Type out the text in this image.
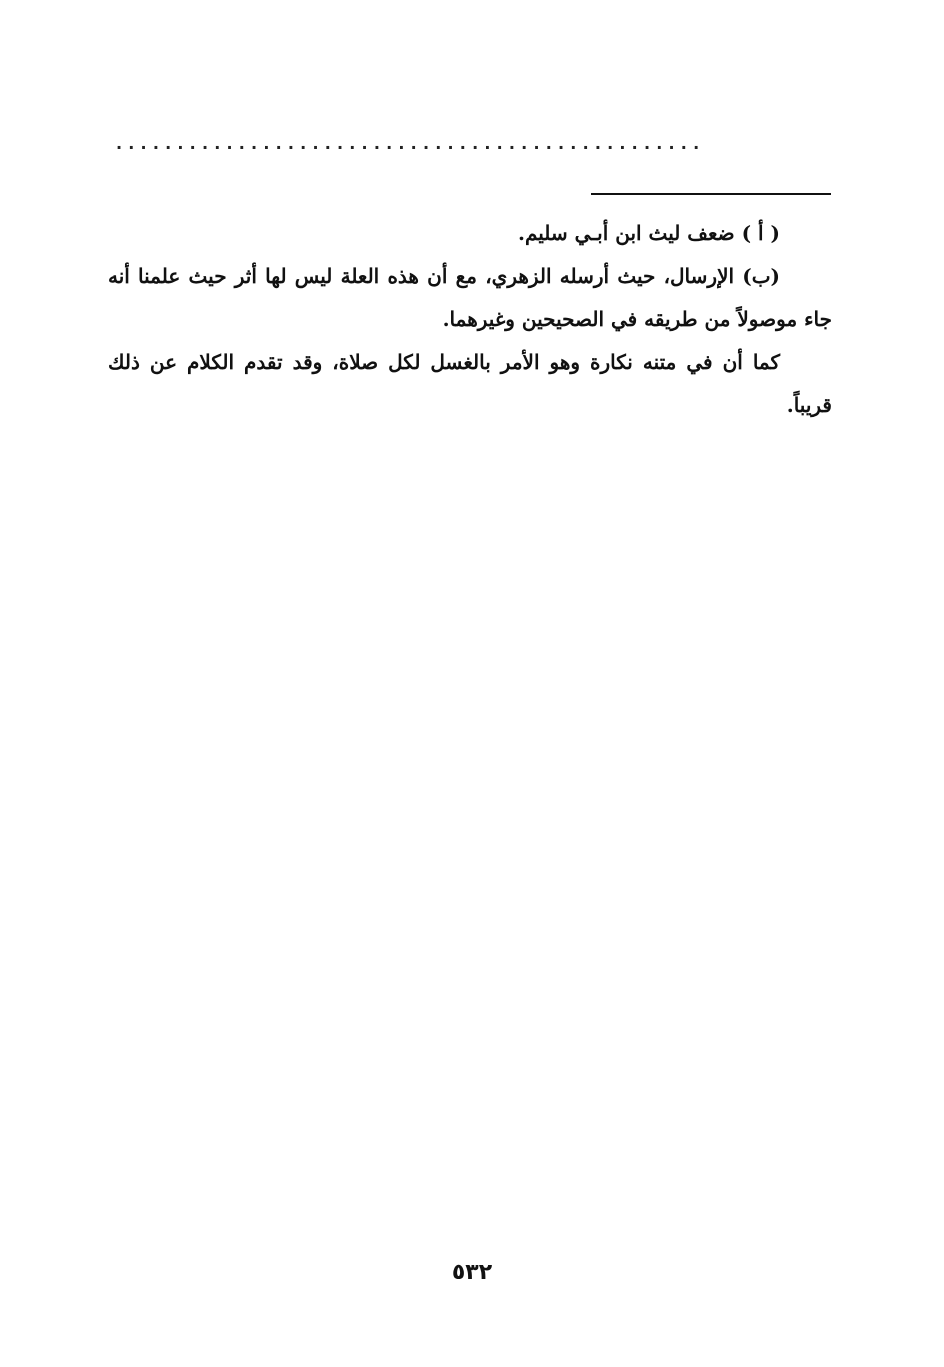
................................................

( أ ) ضعف ليث ابن أبـي سليم.

(ب) الإرسال، حيث أرسله الزهري، مع أن هذه العلة ليس لها أثر حيث علمنا أنه جاء موصولاً من طريقه في الصحيحين وغيرهما.

كما أن في متنه نكارة وهو الأمر بالغسل لكل صلاة، وقد تقدم الكلام عن ذلك قريباً.

٥٣٢
